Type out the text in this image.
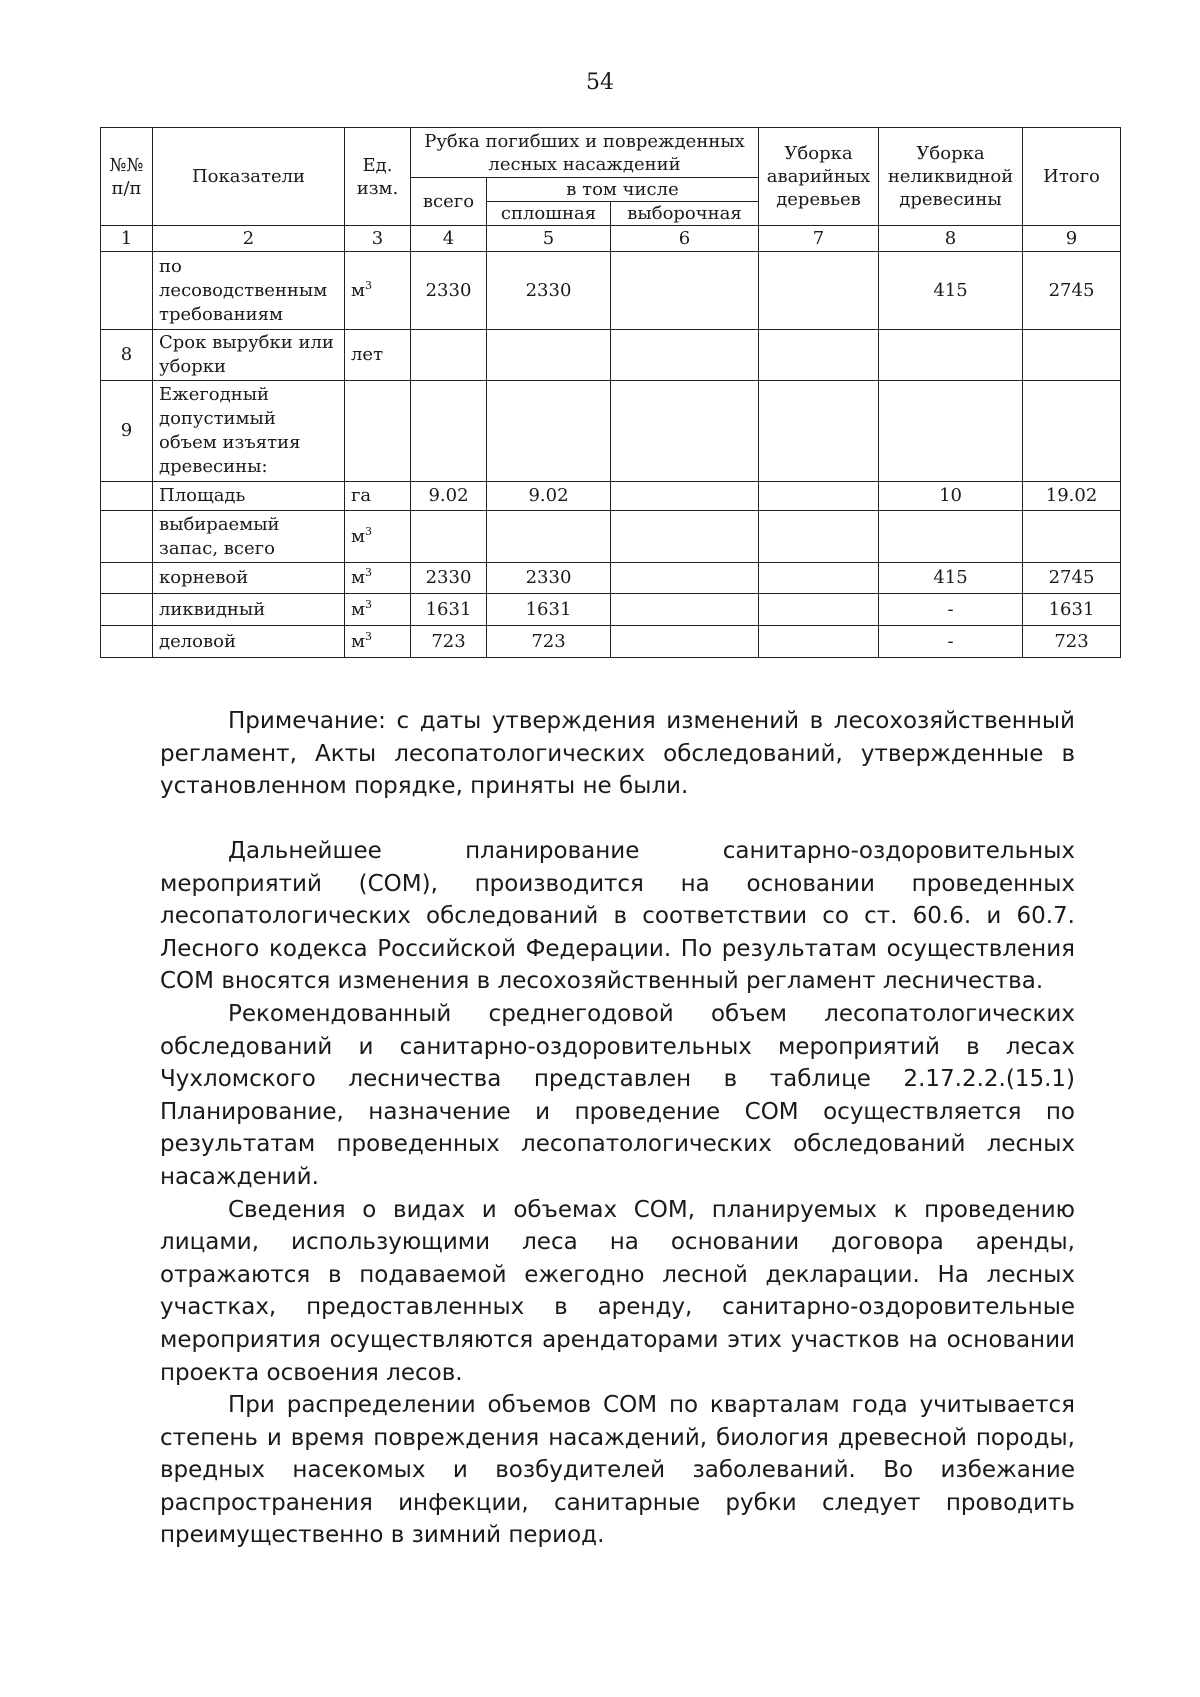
54
№№ п/п	Показатели	Ед. изм.	Рубка погибших и поврежденных лесных насаждений			Уборка аварийных деревьев	Уборка неликвидной древесины	Итого
			всего	в том числе				
				сплошная	выборочная			
1	2	3	4	5	6	7	8	9
	по лесоводственным требованиям	$м^3$	2330	2330			415	2745
8	Срок вырубки или уборки	лет						
9	Ежегодный допустимый объем изъятия древесины:							
	Площадь	га	9.02	9.02			10	19.02
	выбираемый запас, всего	$м^3$						
	корневой	$м^3$	2330	2330			415	2745
	ликвидный	$м^3$	1631	1631			-	1631
	деловой	$м^3$	723	723			-	723

Примечание: с даты утверждения изменений в лесохозяйственный регламент, Акты лесопатологических обследований, утвержденные в установленном порядке, приняты не были.

Дальнейшее планирование санитарно-оздоровительных мероприятий (СОМ), производится на основании проведенных лесопатологических обследований в соответствии со ст. 60.6. и 60.7. Лесного кодекса Российской Федерации. По результатам осуществления СОМ вносятся изменения в лесохозяйственный регламент лесничества.

Рекомендованный среднегодовой объем лесопатологических обследований и санитарно-оздоровительных мероприятий в лесах Чухломского лесничества представлен в таблице 2.17.2.2.(15.1) Планирование, назначение и проведение СОМ осуществляется по результатам проведенных лесопатологических обследований лесных насаждений.

Сведения о видах и объемах СОМ, планируемых к проведению лицами, использующими леса на основании договора аренды, отражаются в подаваемой ежегодно лесной декларации. На лесных участках, предоставленных в аренду, санитарно-оздоровительные мероприятия осуществляются арендаторами этих участков на основании проекта освоения лесов.

При распределении объемов СОМ по кварталам года учитывается степень и время повреждения насаждений, биология древесной породы, вредных насекомых и возбудителей заболеваний. Во избежание распространения инфекции, санитарные рубки следует проводить преимущественно в зимний период.
